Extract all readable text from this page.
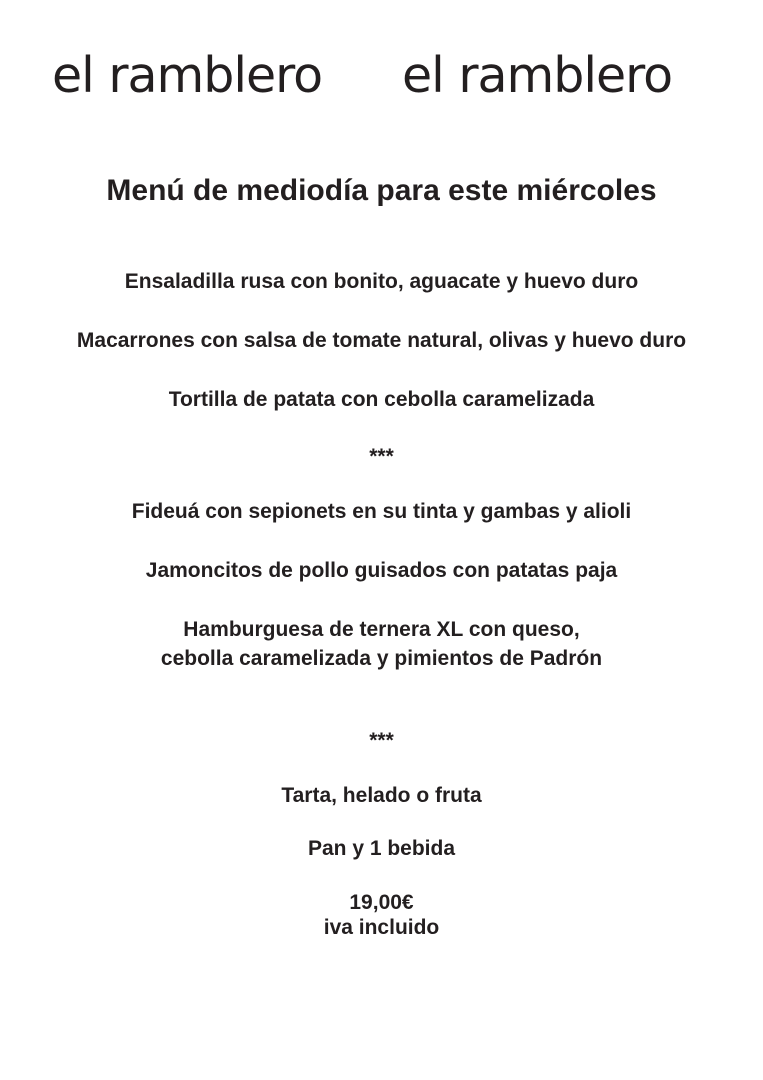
el ramblero el ramblero
Menú de mediodía para este miércoles
Ensaladilla rusa con bonito, aguacate y huevo duro
Macarrones con salsa de tomate natural, olivas y huevo duro
Tortilla de patata con cebolla caramelizada
***
Fideuá con sepionets en su tinta y gambas y alioli
Jamoncitos de pollo guisados con patatas paja
Hamburguesa de ternera XL con queso,
cebolla caramelizada y pimientos de Padrón
***
Tarta, helado o fruta
Pan y 1 bebida
19,00€
iva incluido
